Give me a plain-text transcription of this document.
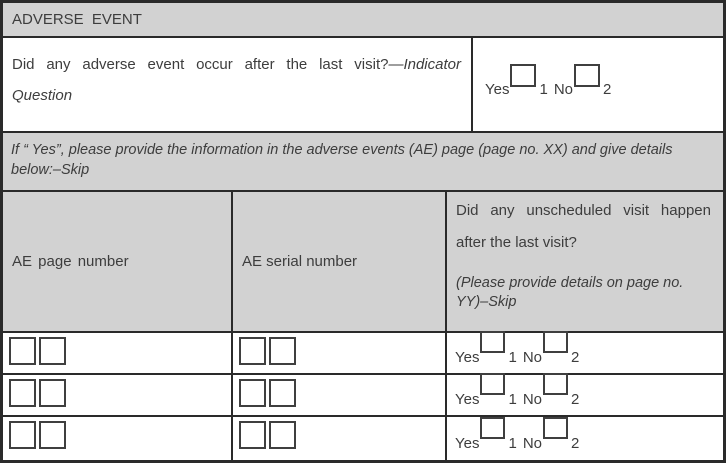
ADVERSE EVENT
Did any adverse event occur after the last visit?—Indicator Question	Yes 1 No 2
If “ Yes”, please provide the information in the adverse events (AE) page (page no. XX) and give details below:–Skip
AE page number	AE serial number
Did any unscheduled visit happen after the last visit?
(Please provide details on page no. YY)–Skip
Yes 1 No 2
Yes 1 No 2
Yes 1 No 2
